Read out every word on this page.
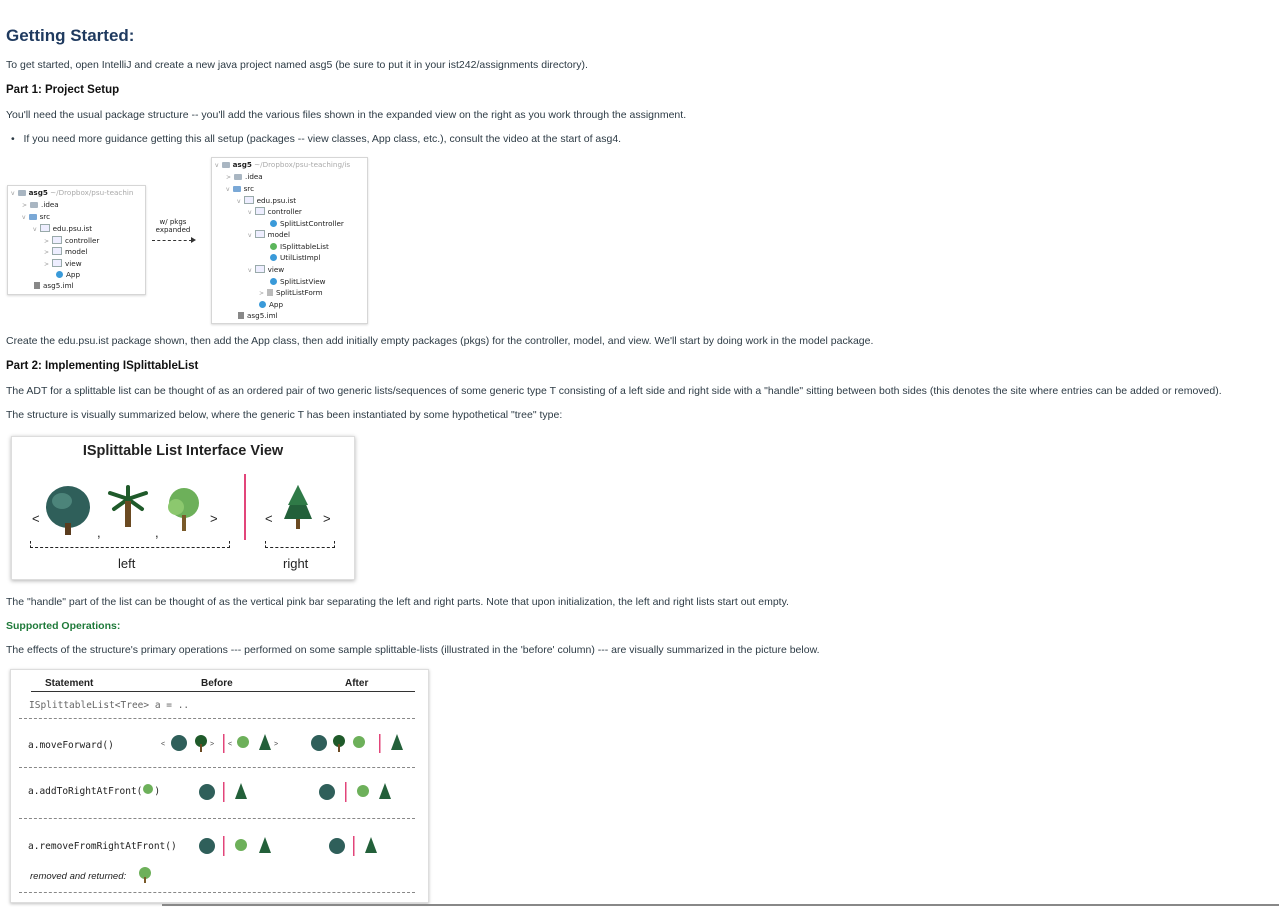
Getting Started:

To get started, open IntelliJ and create a new java project named asg5 (be sure to put it in your ist242/assignments directory).

Part 1: Project Setup

You'll need the usual package structure -- you'll add the various files shown in the expanded view on the right as you work through the assignment.

•   If you need more guidance getting this all setup (packages -- view classes, App class, etc.), consult the video at the start of asg4.
v asg5 ~/Dropbox/psu-teachin
> .idea
v src
v edu.psu.ist
> controller
> model
> view
App
asg5.iml
w/ pkgs
expanded
v asg5 ~/Dropbox/psu-teaching/is
> .idea
v src
v edu.psu.ist
v controller
SplitListController
v model
ISplittableList
UtilListImpl
v view
SplitListView
> SplitListForm
App
asg5.iml

Create the edu.psu.ist package shown, then add the App class, then add initially empty packages (pkgs) for the controller, model, and view. We'll start by doing work in the model package.

Part 2: Implementing ISplittableList

The ADT for a splittable list can be thought of as an ordered pair of two generic lists/sequences of some generic type T consisting of a left side and right side with a "handle" sitting between both sides (this denotes the site where entries can be added or removed).

The structure is visually summarized below, where the generic T has been instantiated by some hypothetical "tree" type:

ISplittable List Interface View
<
,	,
>	<	>
left	right

The "handle" part of the list can be thought of as the vertical pink bar separating the left and right parts. Note that upon initialization, the left and right lists start out empty.

Supported Operations:

The effects of the structure's primary operations --- performed on some sample splittable-lists (illustrated in the 'before' column) --- are visually summarized in the picture below.

Statement	Before	After
ISplittableList<Tree> a = ..
a.moveForward()	<	> <	>
a.addToRightAtFront( )
a.removeFromRightAtFront()
removed and returned:
